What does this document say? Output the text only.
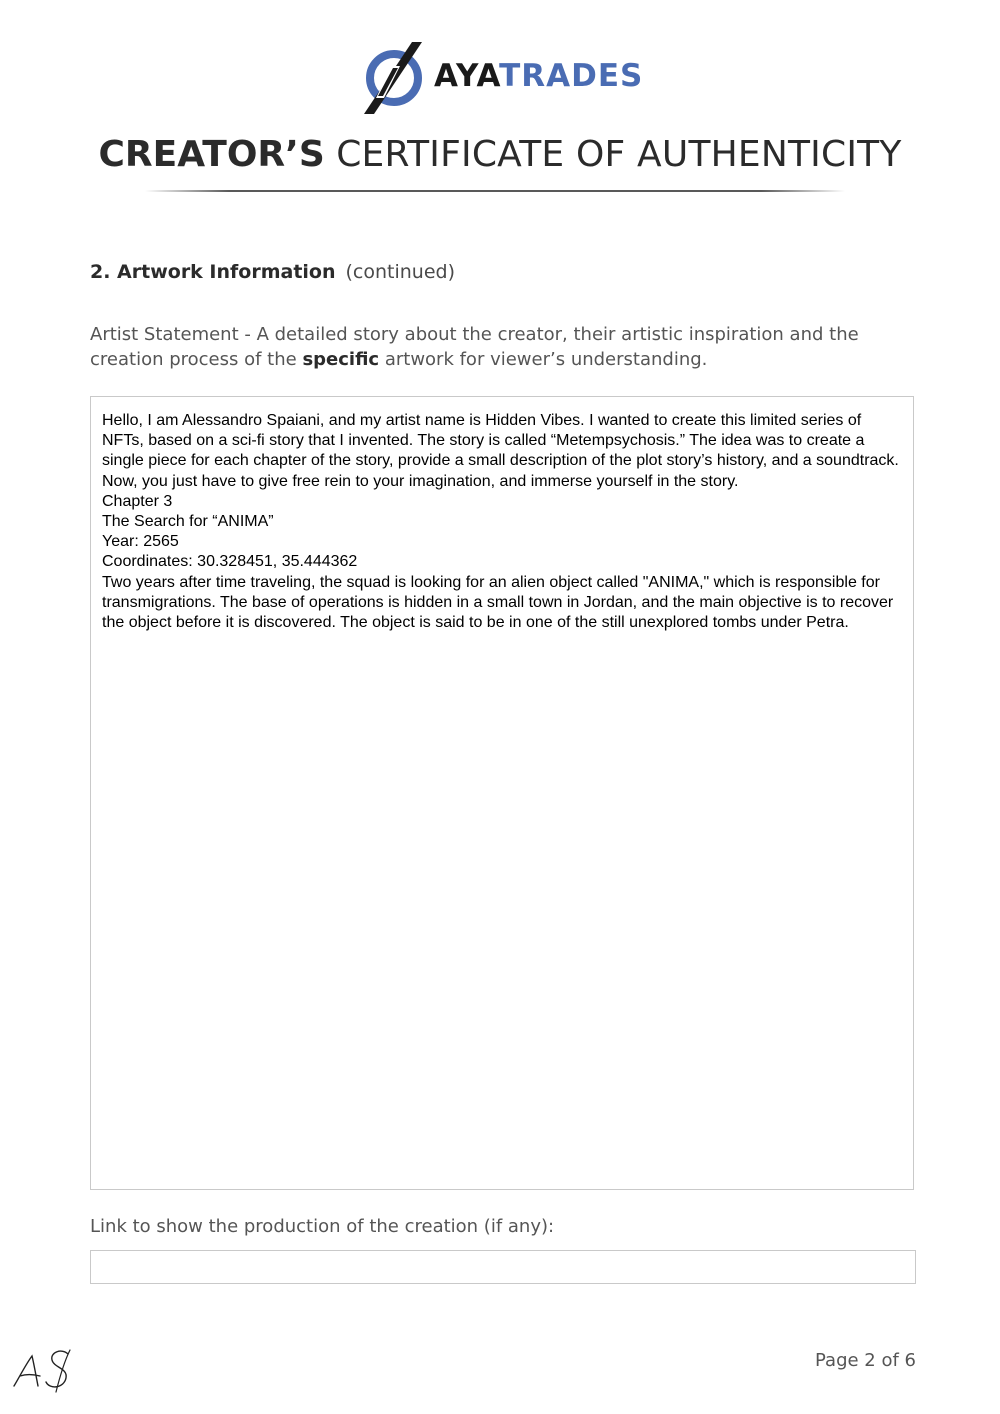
AYATRADES
CREATOR’S CERTIFICATE OF AUTHENTICITY
2. Artwork Information (continued)
Artist Statement - A detailed story about the creator, their artistic inspiration and the creation process of the specific artwork for viewer’s understanding.

Hello, I am Alessandro Spaiani, and my artist name is Hidden Vibes. I wanted to create this limited series of NFTs, based on a sci-fi story that I invented. The story is called “Metempsychosis.” The idea was to create a single piece for each chapter of the story, provide a small description of the plot story’s history, and a soundtrack. Now, you just have to give free rein to your imagination, and immerse yourself in the story.

Chapter 3

The Search for “ANIMA”

Year: 2565

Coordinates: 30.328451, 35.444362

Two years after time traveling, the squad is looking for an alien object called "ANIMA," which is responsible for transmigrations. The base of operations is hidden in a small town in Jordan, and the main objective is to recover the object before it is discovered. The object is said to be in one of the still unexplored tombs under Petra.

Link to show the production of the creation (if any):
Page 2 of 6
